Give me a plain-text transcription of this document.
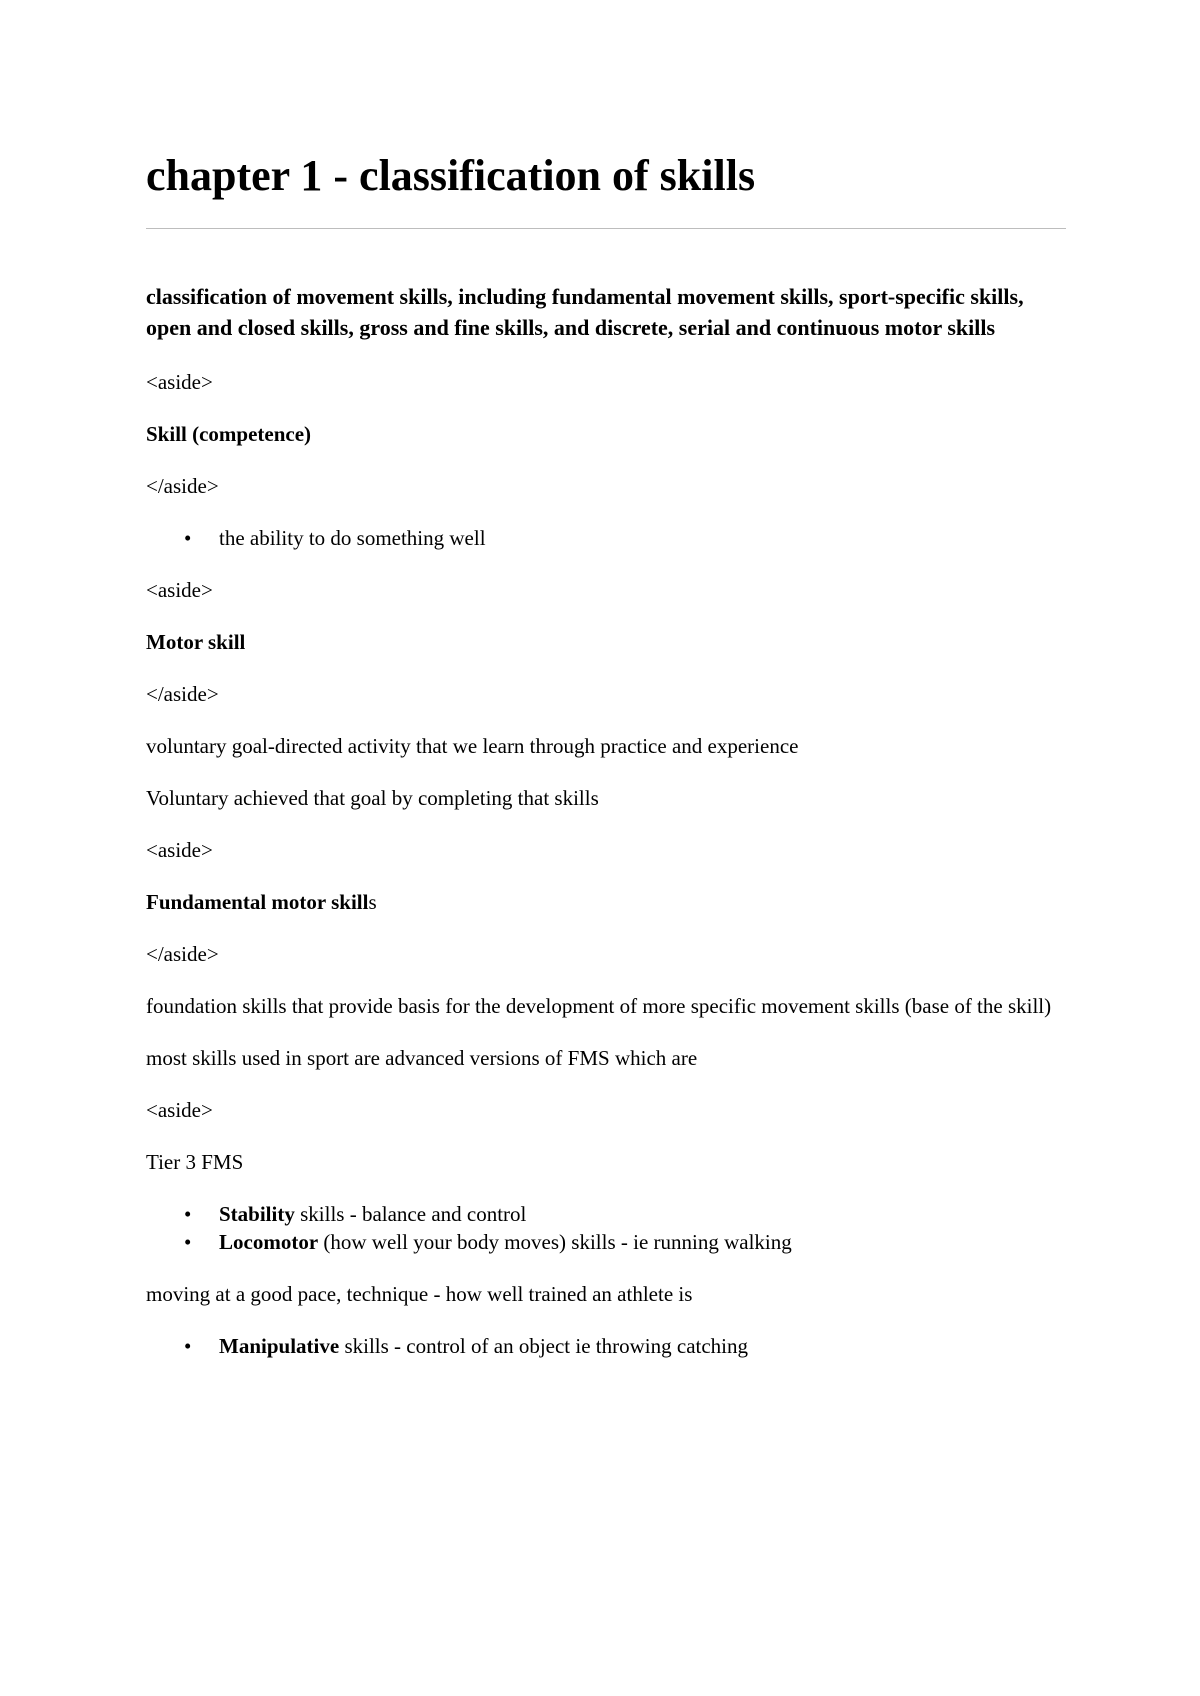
chapter 1 - classification of skills
classification of movement skills, including fundamental movement skills, sport-specific skills, open and closed skills, gross and fine skills, and discrete, serial and continuous motor skills

<aside>

Skill (competence)

</aside>

• the ability to do something well

<aside>

Motor skill

</aside>

voluntary goal-directed activity that we learn through practice and experience

Voluntary achieved that goal by completing that skills

<aside>

Fundamental motor skills

</aside>

foundation skills that provide basis for the development of more specific movement skills (base of the skill)

most skills used in sport are advanced versions of FMS which are

<aside>

Tier 3 FMS

• Stability skills - balance and control
• Locomotor (how well your body moves) skills - ie running walking

moving at a good pace, technique - how well trained an athlete is

• Manipulative skills - control of an object ie throwing catching
